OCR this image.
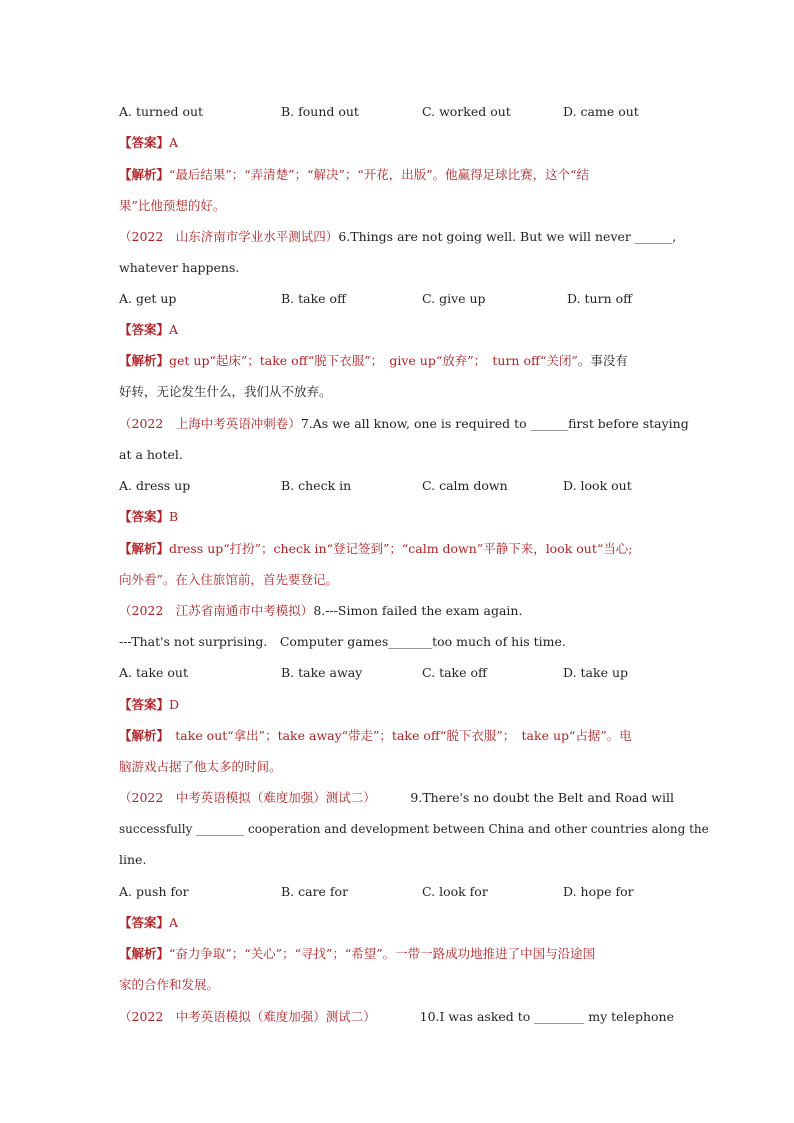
A. turned out	B. found out	C. worked out	D. came out
【答案】A
【解析】“最后结果”；“弄清楚”；“解决”；“开花，出版”。他赢得足球比赛，这个“结
果”比他预想的好。
（2022　山东济南市学业水平测试四） 6.Things are not going well. But we will never ______,
whatever happens.
A. get up	B. take off	C. give up	D. turn off
【答案】A
【解析】get up“起床”；take off“脱下衣服”；　give up“放弃”；　turn off“关闭”。事没有
好转，无论发生什么，我们从不放弃。
（2022　上海中考英语冲刺卷） 7.As we all know, one is required to ______first before staying
at a hotel.
A. dress up	B. check in	C. calm down	D. look out
【答案】B
【解析】dress up“打扮”；check in“登记签到”；“calm down”平静下来，look out“当心;
向外看”。在入住旅馆前，首先要登记。
（2022　江苏省南通市中考模拟）8.---Simon failed the exam again.
---That's not surprising.　Computer games_______too much of his time.
A. take out	B. take away	C. take off	D. take up
【答案】D
【解析】　take out“拿出”；take away“带走”；take off“脱下衣服”；　take up“占据”。电
脑游戏占据了他太多的时间。
（2022　中考英语模拟（难度加强）测试二）	9.There's no doubt the Belt and Road will
successfully ________ cooperation and development between China and other countries along the
line.
A. push for	B. care for	C. look for	D. hope for
【答案】A
【解析】“奋力争取”；“关心”；“寻找”；“希望”。一带一路成功地推进了中国与沿途国
家的合作和发展。
（2022　中考英语模拟（难度加强）测试二）	10.I was asked to ________ my telephone
